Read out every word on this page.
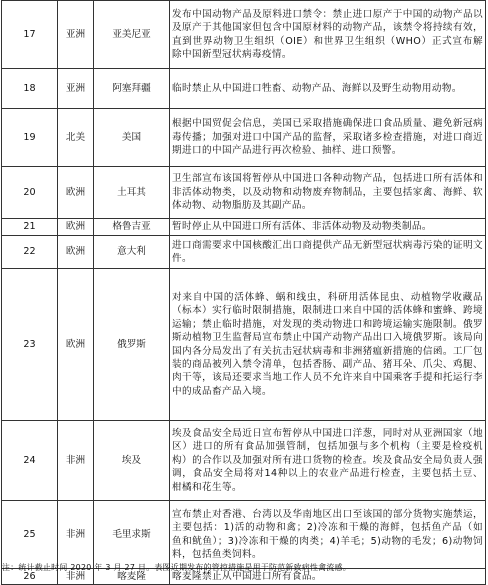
17	亚洲	亚美尼亚	发布中国动物产品及原料进口禁令：禁止进口原产于中国的动物产品以及原产于其他国家但包含中国原材料的动物产品，该禁令将持续有效，直到世界动物卫生组织（OIE）和世界卫生组织（WHO）正式宣布解除中国新型冠状病毒疫情。
18	亚洲	阿塞拜疆	临时禁止从中国进口牲畜、动物产品、海鲜以及野生动物用动物。
19	北美	美国	根据中国贸促会信息，美国已采取措施确保进口食品质量、避免新冠病毒传播；加强对进口中国产品的监督，采取诸多检查措施，对进口商近期进口的中国产品进行再次检验、抽样、进口预警。
20	欧洲	土耳其	卫生部宣布该国将暂停从中国进口各种动物产品，包括进口所有活体和非活体动物类，以及动物和动物废弃物制品，主要包括家禽、海鲜、软体动物、动物脂肪及其副产品。
21	欧洲	格鲁吉亚	暂时停止从中国进口所有活体、非活体动物及动物类制品。
22	欧洲	意大利	进口商需要求中国核酸汇出口商提供产品无新型冠状病毒污染的证明文件。
23	欧洲	俄罗斯	对来自中国的活体蜂、蜗和线虫，科研用活体昆虫、动植物学收藏品（标本）实行临时限制措施，限制进口来自中国的活体蜂和蜜蜂、跨境运输；禁止临时措施，对发现的类动物进口和跨境运输实施限制。俄罗斯动植物卫生监督局宣布禁止中国产动物产品出口入境俄罗斯。该局向国内各分局发出了有关抗击冠状病毒和非洲猪瘟新措施的信函。工厂包装的商品被列入禁令清单，包括香肠、副产品、猪耳朵、爪尖、鸡腿、肉干等，该局还要求当地工作人员不允许来自中国乘客手提和托运行李中的成品畜产品入境。
24	非洲	埃及	埃及食品安全局近日宣布暂停从中国进口洋葱，同时对从亚洲国家（地区）进口的所有食品加强管制，包括加强与多个机构（主要是检疫机构）的合作以及加强对所有进口货物的检查。埃及食品安全局负责人强调，食品安全局将对14种以上的农业产品进行检查，主要包括土豆、柑橘和花生等。
25	非洲	毛里求斯	宣布禁止对香港、台湾以及华南地区出口至该国的部分货物实施禁运，主要包括：1)活的动物和禽；2)冷冻和干燥的海鲜，包括鱼产品（如鱼和鱿鱼）；3)冷冻和干燥的肉类；4)羊毛；5)动物的毛发；6)动物饲料，包括鱼类饲料。
26	非洲	喀麦隆	喀麦隆禁止从中国进口所有食品。
注：统计截止时间 2020 年 3 月 27 日。表图近期发布的管控措施是用于防范新致病性禽流感。
